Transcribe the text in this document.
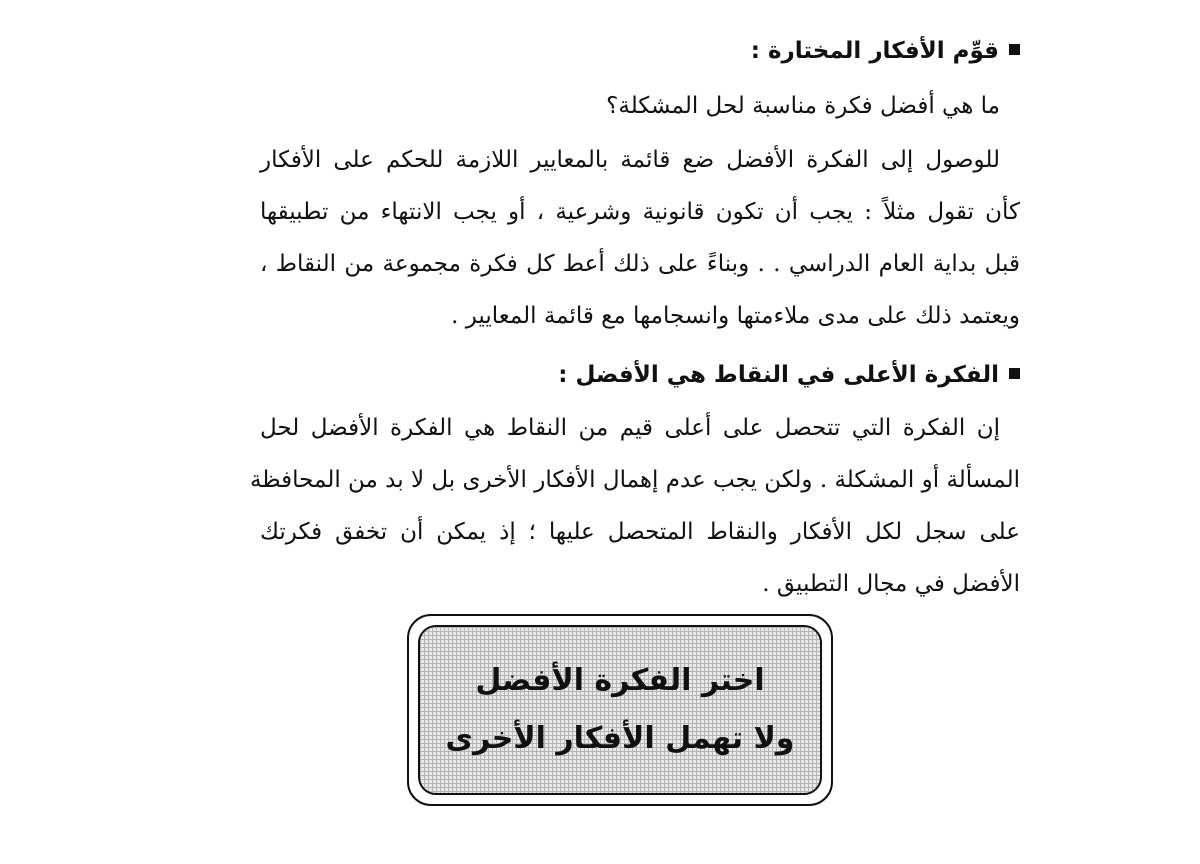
قوِّم الأفكار المختارة :
ما هي أفضل فكرة مناسبة لحل المشكلة؟
للوصول إلى الفكرة الأفضل ضع قائمة بالمعايير اللازمة للحكم على الأفكار
كأن تقول مثلاً : يجب أن تكون قانونية وشرعية ، أو يجب الانتهاء من تطبيقها
قبل بداية العام الدراسي . . وبناءً على ذلك أعط كل فكرة مجموعة من النقاط ،
ويعتمد ذلك على مدى ملاءمتها وانسجامها مع قائمة المعايير .
الفكرة الأعلى في النقاط هي الأفضل :
إن الفكرة التي تتحصل على أعلى قيم من النقاط هي الفكرة الأفضل لحل
المسألة أو المشكلة . ولكن يجب عدم إهمال الأفكار الأخرى بل لا بد من المحافظة
على سجل لكل الأفكار والنقاط المتحصل عليها ؛ إذ يمكن أن تخفق فكرتك
الأفضل في مجال التطبيق .
اختر الفكرة الأفضل
ولا تهمل الأفكار الأخرى
